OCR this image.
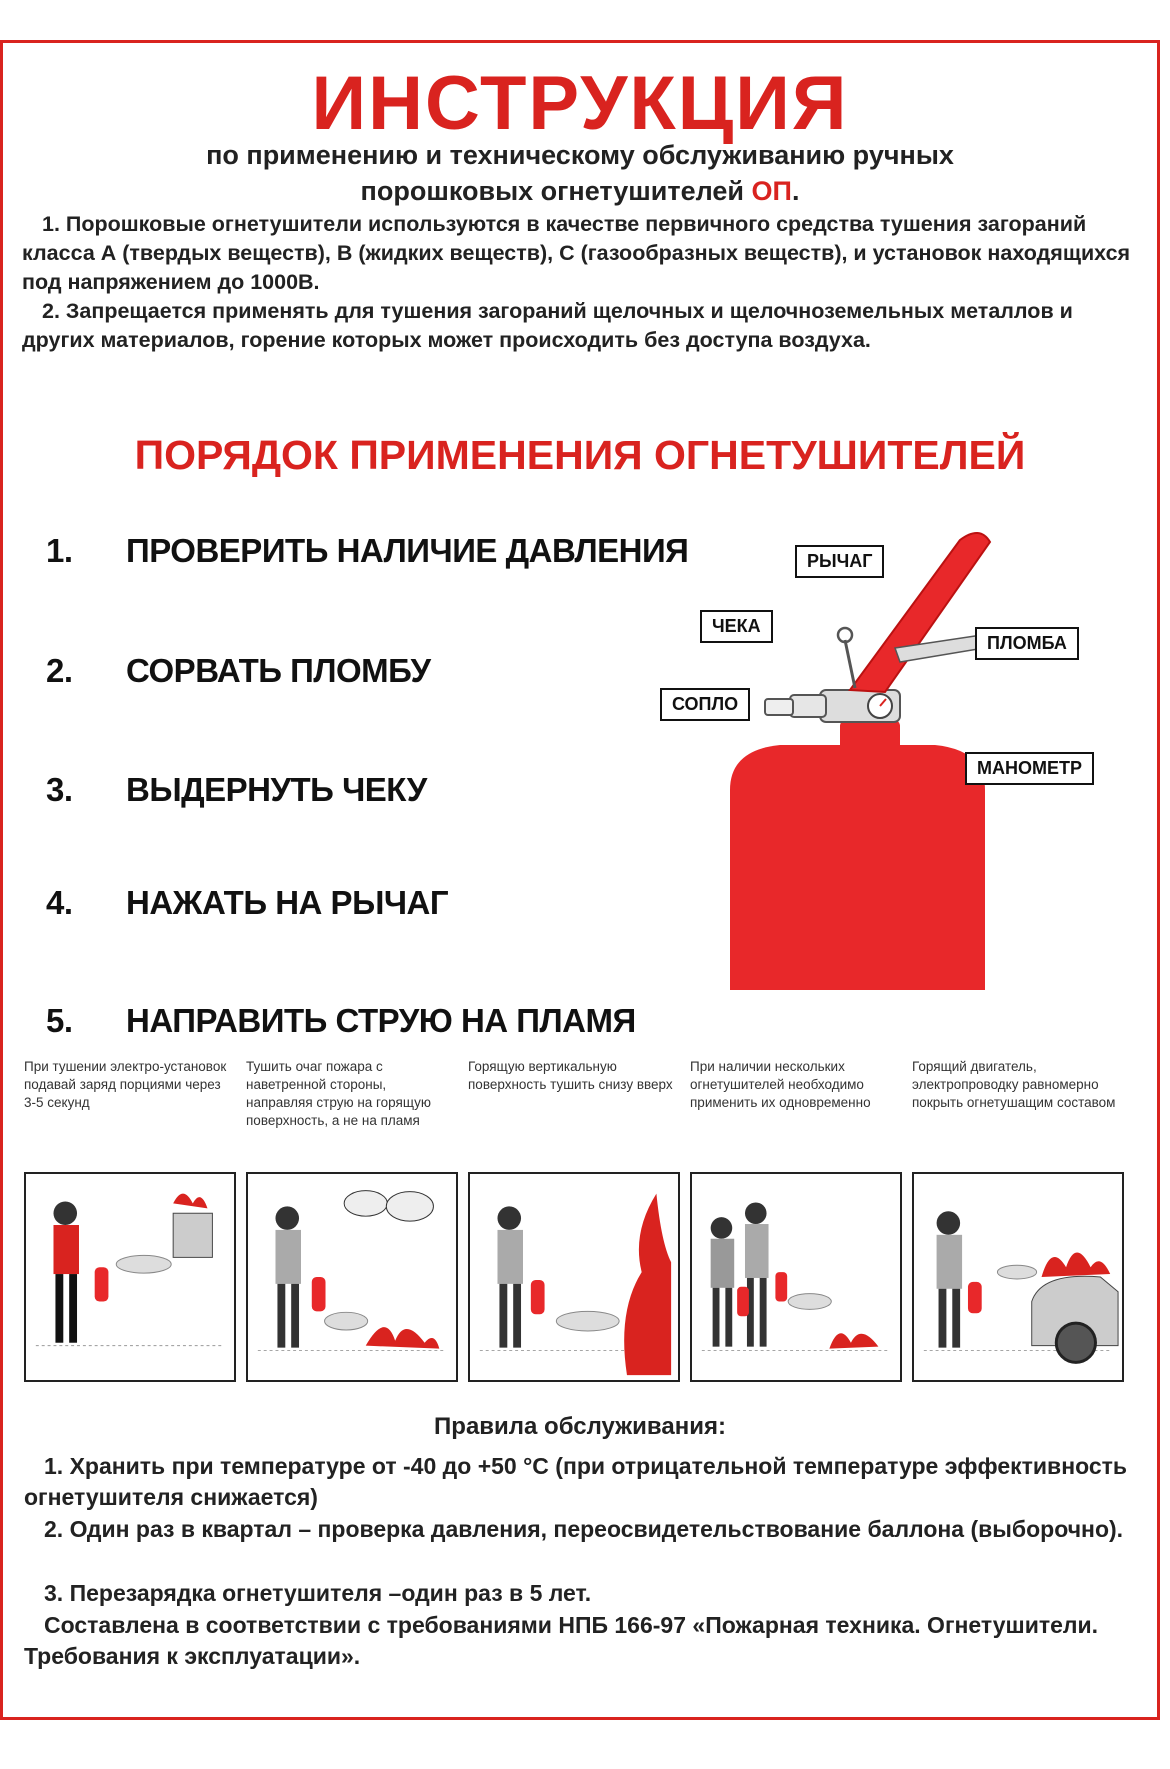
ИНСТРУКЦИЯ
по применению и техническому обслуживанию ручных
порошковых огнетушителей ОП.
1. Порошковые огнетушители используются в качестве первичного средства тушения загораний класса А (твердых веществ), В (жидких веществ), С (газообразных веществ), и установок находящихся под напряжением до 1000В.
2. Запрещается применять для тушения загораний щелочных и щелочноземельных металлов и других материалов, горение которых может происходить без доступа воздуха.
ПОРЯДОК ПРИМЕНЕНИЯ ОГНЕТУШИТЕЛЕЙ
1. ПРОВЕРИТЬ НАЛИЧИЕ ДАВЛЕНИЯ
2. СОРВАТЬ ПЛОМБУ
3. ВЫДЕРНУТЬ ЧЕКУ
4. НАЖАТЬ НА РЫЧАГ
5. НАПРАВИТЬ СТРУЮ НА ПЛАМЯ
РЫЧАГ
ЧЕКА
ПЛОМБА
СОПЛО
МАНОМЕТР
При тушении электро-установок подавай заряд порциями через 3-5 секунд
Тушить очаг пожара с наветренной стороны, направляя струю на горящую поверхность, а не на пламя
Горящую вертикальную поверхность тушить снизу вверх
При наличии нескольких огнетушителей необходимо применить их одновременно
Горящий двигатель, электропроводку равномерно покрыть огнетушащим составом
Правила обслуживания:
1. Хранить при температуре от -40 до +50 °С (при отрицательной температуре эффективность огнетушителя снижается)
2. Один раз в квартал – проверка давления, переосвидетельствование баллона (выборочно).
3. Перезарядка огнетушителя –один раз в 5 лет.
Составлена в соответствии с требованиями НПБ 166-97 «Пожарная техника. Огнетушители. Требования к эксплуатации».
